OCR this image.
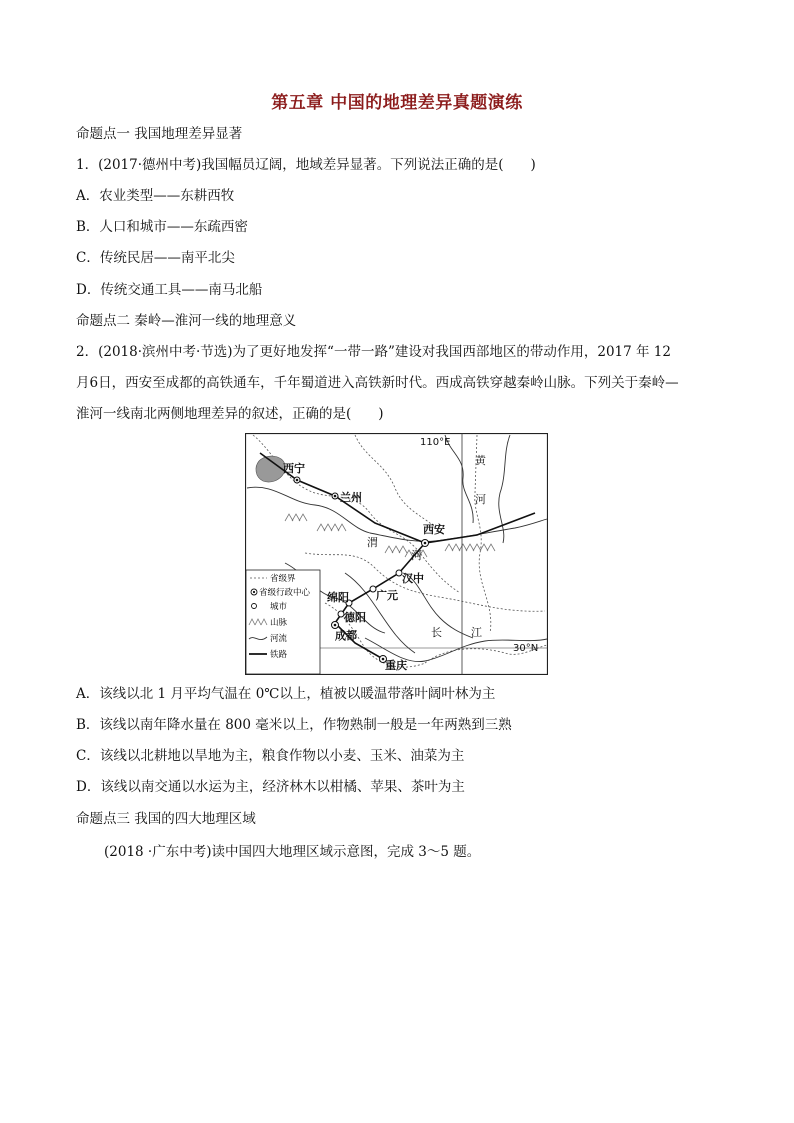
第五章 中国的地理差异真题演练
命题点一 我国地理差异显著
1．(2017·德州中考)我国幅员辽阔，地域差异显著。下列说法正确的是(　　)
A．农业类型——东耕西牧
B．人口和城市——东疏西密
C．传统民居——南平北尖
D．传统交通工具——南马北船
命题点二 秦岭—淮河一线的地理意义
2．(2018·滨州中考·节选)为了更好地发挥“一带一路”建设对我国西部地区的带动作用，2017 年 12
月6日，西安至成都的高铁通车，千年蜀道进入高铁新时代。西成高铁穿越秦岭山脉。下列关于秦岭—
淮河一线南北两侧地理差异的叙述，正确的是(　　)
西宁
兰州
西安
汉中
广元
绵阳
德阳
成都
重庆
渭
河
黄
河
长	江
110°E
30°N
省级界
省级行政中心
城市
山脉
河流
铁路
A．该线以北 1 月平均气温在 0℃以上，植被以暖温带落叶阔叶林为主
B．该线以南年降水量在 800 毫米以上，作物熟制一般是一年两熟到三熟
C．该线以北耕地以旱地为主，粮食作物以小麦、玉米、油菜为主
D．该线以南交通以水运为主，经济林木以柑橘、苹果、茶叶为主
命题点三 我国的四大地理区域
(2018 ·广东中考)读中国四大地理区域示意图，完成 3～5 题。
